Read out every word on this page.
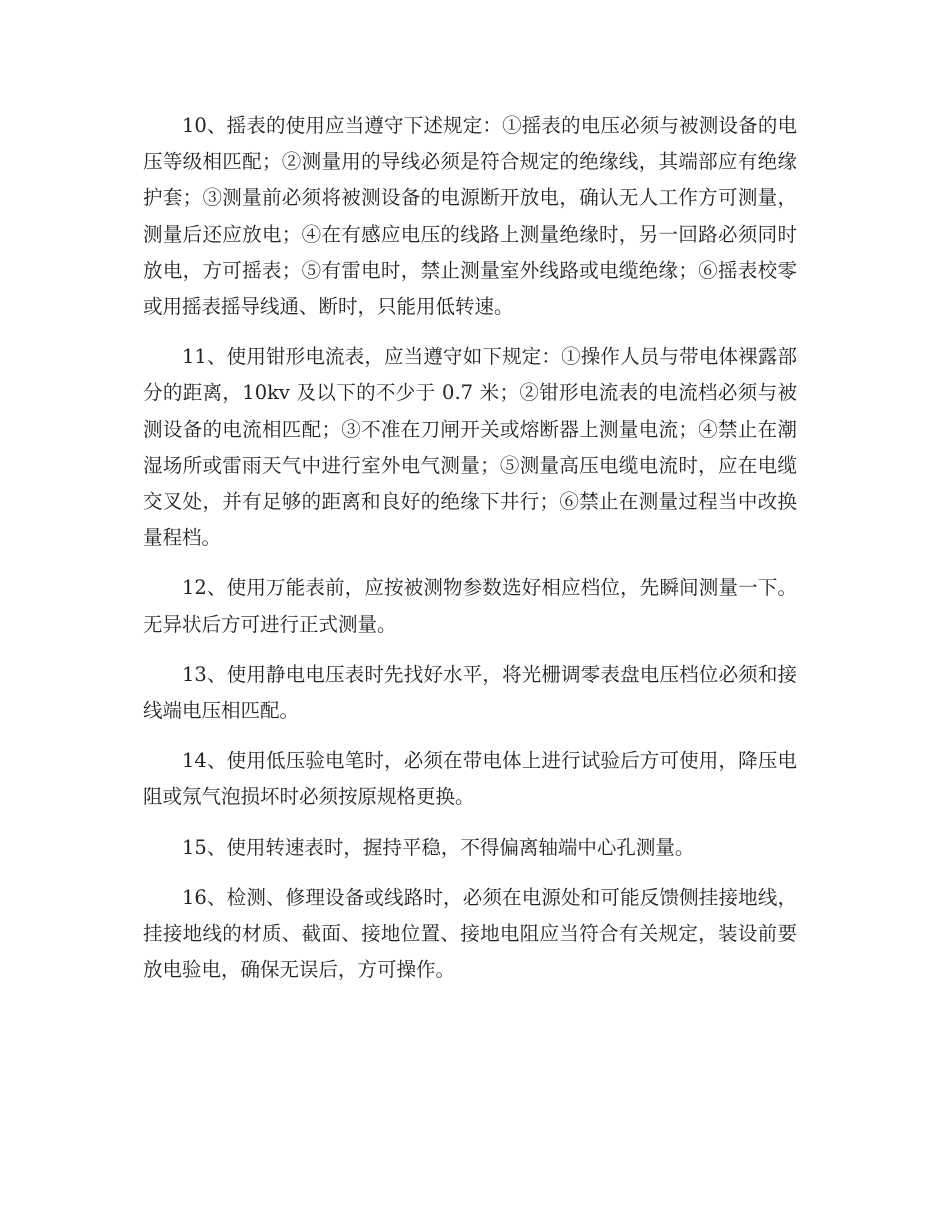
10、摇表的使用应当遵守下述规定：①摇表的电压必须与被测设备的电压等级相匹配；②测量用的导线必须是符合规定的绝缘线，其端部应有绝缘护套；③测量前必须将被测设备的电源断开放电，确认无人工作方可测量，测量后还应放电；④在有感应电压的线路上测量绝缘时，另一回路必须同时放电，方可摇表；⑤有雷电时，禁止测量室外线路或电缆绝缘；⑥摇表校零或用摇表摇导线通、断时，只能用低转速。

11、使用钳形电流表，应当遵守如下规定：①操作人员与带电体裸露部分的距离，10kv 及以下的不少于 0.7 米；②钳形电流表的电流档必须与被测设备的电流相匹配；③不准在刀闸开关或熔断器上测量电流；④禁止在潮湿场所或雷雨天气中进行室外电气测量；⑤测量高压电缆电流时，应在电缆交叉处，并有足够的距离和良好的绝缘下井行；⑥禁止在测量过程当中改换量程档。

12、使用万能表前，应按被测物参数选好相应档位，先瞬间测量一下。无异状后方可进行正式测量。

13、使用静电电压表时先找好水平，将光栅调零表盘电压档位必须和接线端电压相匹配。

14、使用低压验电笔时，必须在带电体上进行试验后方可使用，降压电阻或氖气泡损坏时必须按原规格更换。

15、使用转速表时，握持平稳，不得偏离轴端中心孔测量。

16、检测、修理设备或线路时，必须在电源处和可能反馈侧挂接地线，挂接地线的材质、截面、接地位置、接地电阻应当符合有关规定，装设前要放电验电，确保无误后，方可操作。
